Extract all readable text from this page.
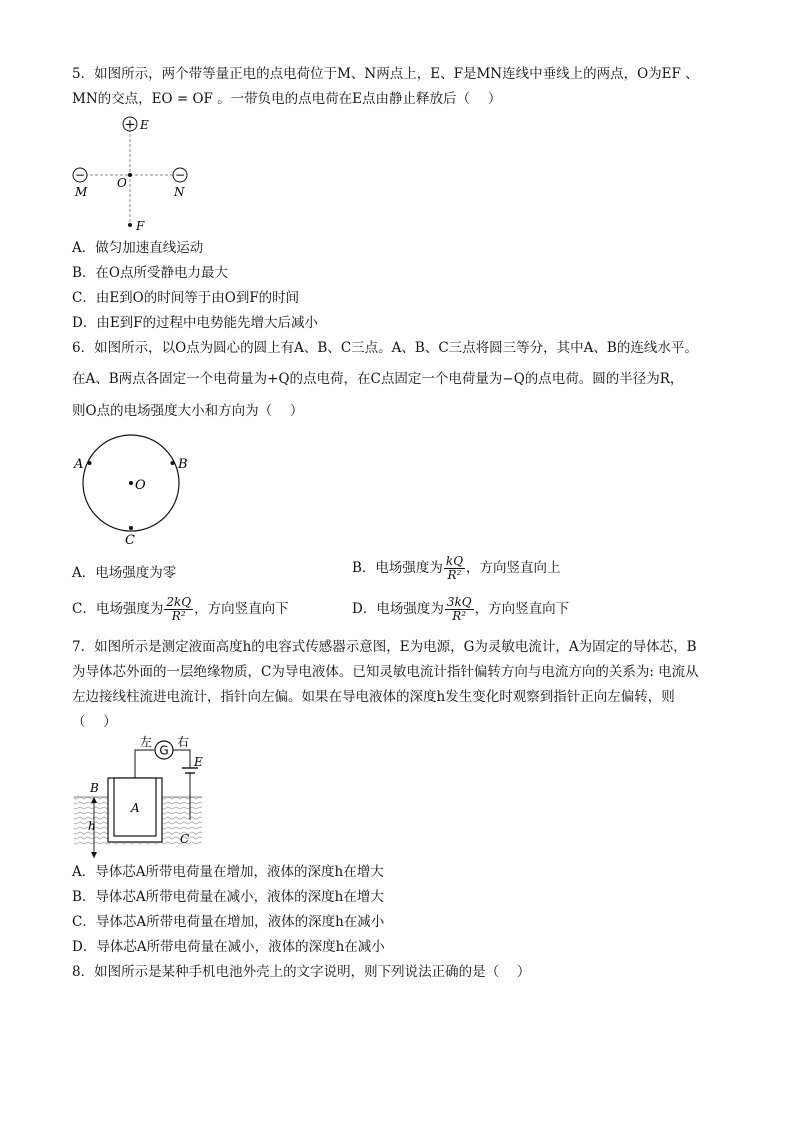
5．如图所示，两个带等量正电的点电荷位于M、N两点上，E、F是MN连线中垂线上的两点，O为EF 、
MN的交点，EO = OF 。一带负电的点电荷在E点由静止释放后（　 ）
+ E
−	−
O
M	N
F
A．做匀加速直线运动
B．在O点所受静电力最大
C．由E到O的时间等于由O到F的时间
D．由E到F的过程中电势能先增大后减小
6．如图所示，以O点为圆心的圆上有A、B、C三点。A、B、C三点将圆三等分，其中A、B的连线水平。
在A、B两点各固定一个电荷量为+Q的点电荷，在C点固定一个电荷量为−Q的点电荷。圆的半径为R，
则O点的电场强度大小和方向为（　 ）
A	B
O
C
A．电场强度为零	B．电场强度为 $\frac{kQ}{\text{R²}}$ ，方向竖直向上
C．电场强度为 $\frac{2kQ}{\text{R²}}$ ，方向竖直向下	D．电场强度为 $\frac{3kQ}{\text{R²}}$ ，方向竖直向下
7．如图所示是测定液面高度h的电容式传感器示意图，E为电源，G为灵敏电流计，A为固定的导体芯，B
为导体芯外面的一层绝缘物质，C为导电液体。已知灵敏电流计指针偏转方向与电流方向的关系为: 电流从
左边接线柱流进电流计，指针向左偏。如果在导电液体的深度h发生变化时观察到指针正向左偏转，则
（　 ）
G
左 右
E
B
A
C
h
A．导体芯A所带电荷量在增加，液体的深度h在增大
B．导体芯A所带电荷量在减小，液体的深度h在增大
C．导体芯A所带电荷量在增加，液体的深度h在减小
D．导体芯A所带电荷量在减小，液体的深度h在减小
8．如图所示是某种手机电池外壳上的文字说明，则下列说法正确的是（　 ）
